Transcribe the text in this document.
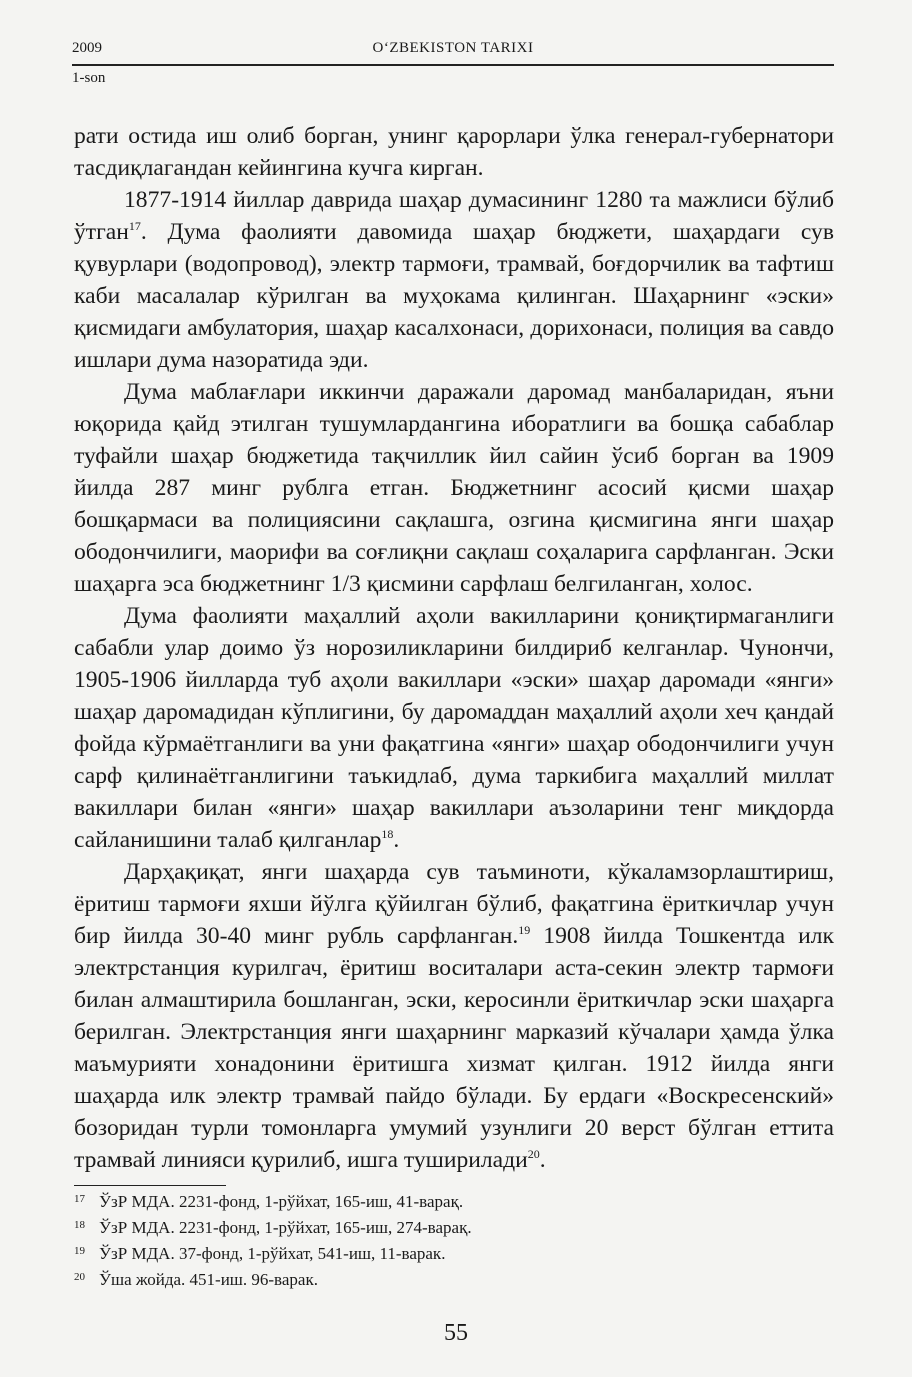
2009	O‘ZBEKISTON TARIXI
1-son

рати остида иш олиб борган, унинг қарорлари ўлка генерал-губернатори тасдиқлагандан кейингина кучга кирган.

1877-1914 йиллар даврида шаҳар думасининг 1280 та мажлиси бўлиб ўтган$^{17}$. Дума фаолияти давомида шаҳар бюджети, шаҳардаги сув қувурлари (водопровод), электр тармоғи, трамвай, боғдорчилик ва тафтиш каби масалалар кўрилган ва муҳокама қилинган. Шаҳарнинг «эски» қисмидаги амбулатория, шаҳар касалхонаси, дорихонаси, полиция ва савдо ишлари дума назоратида эди.

Дума маблағлари иккинчи даражали даромад манбаларидан, яъни юқорида қайд этилган тушумлардангина иборатлиги ва бошқа сабаблар туфайли шаҳар бюджетида тақчиллик йил сайин ўсиб борган ва 1909 йилда 287 минг рублга етган. Бюджетнинг асосий қисми шаҳар бошқармаси ва полициясини сақлашга, озгина қисмигина янги шаҳар ободончилиги, маорифи ва соғлиқни сақлаш соҳаларига сарфланган. Эски шаҳарга эса бюджетнинг 1/3 қисмини сарфлаш белгиланган, холос.

Дума фаолияти маҳаллий аҳоли вакилларини қониқтирмаганлиги сабабли улар доимо ўз норозиликларини билдириб келганлар. Чунончи, 1905-1906 йилларда туб аҳоли вакиллари «эски» шаҳар даромади «янги» шаҳар даромадидан кўплигини, бу даромаддан маҳаллий аҳоли хеч қандай фойда кўрмаётганлиги ва уни фақатгина «янги» шаҳар ободончилиги учун сарф қилинаётганлигини таъкидлаб, дума таркибига маҳаллий миллат вакиллари билан «янги» шаҳар вакиллари аъзоларини тенг миқдорда сайланишини талаб қилганлар$^{18}$.

Дарҳақиқат, янги шаҳарда сув таъминоти, кўкаламзорлаштириш, ёритиш тармоғи яхши йўлга қўйилган бўлиб, фақатгина ёриткичлар учун бир йилда 30-40 минг рубль сарфланган.$^{19}$ 1908 йилда Тошкентда илк электрстанция курилгач, ёритиш воситалари аста-секин электр тармоғи билан алмаштирила бошланган, эски, керосинли ёриткичлар эски шаҳарга берилган. Электрстанция янги шаҳарнинг марказий кўчалари ҳамда ўлка маъмурияти хонадонини ёритишга хизмат қилган. 1912 йилда янги шаҳарда илк электр трамвай пайдо бўлади. Бу ердаги «Воскресенский» бозоридан турли томонларга умумий узунлиги 20 верст бўлган еттита трамвай линияси қурилиб, ишга туширилади$^{20}$.

17 ЎзР МДА. 2231-фонд, 1-рўйхат, 165-иш, 41-варақ.
18 ЎзР МДА. 2231-фонд, 1-рўйхат, 165-иш, 274-варақ.
19 ЎзР МДА. 37-фонд, 1-рўйхат, 541-иш, 11-варак.
20 Ўша жойда. 451-иш. 96-варак.
55
